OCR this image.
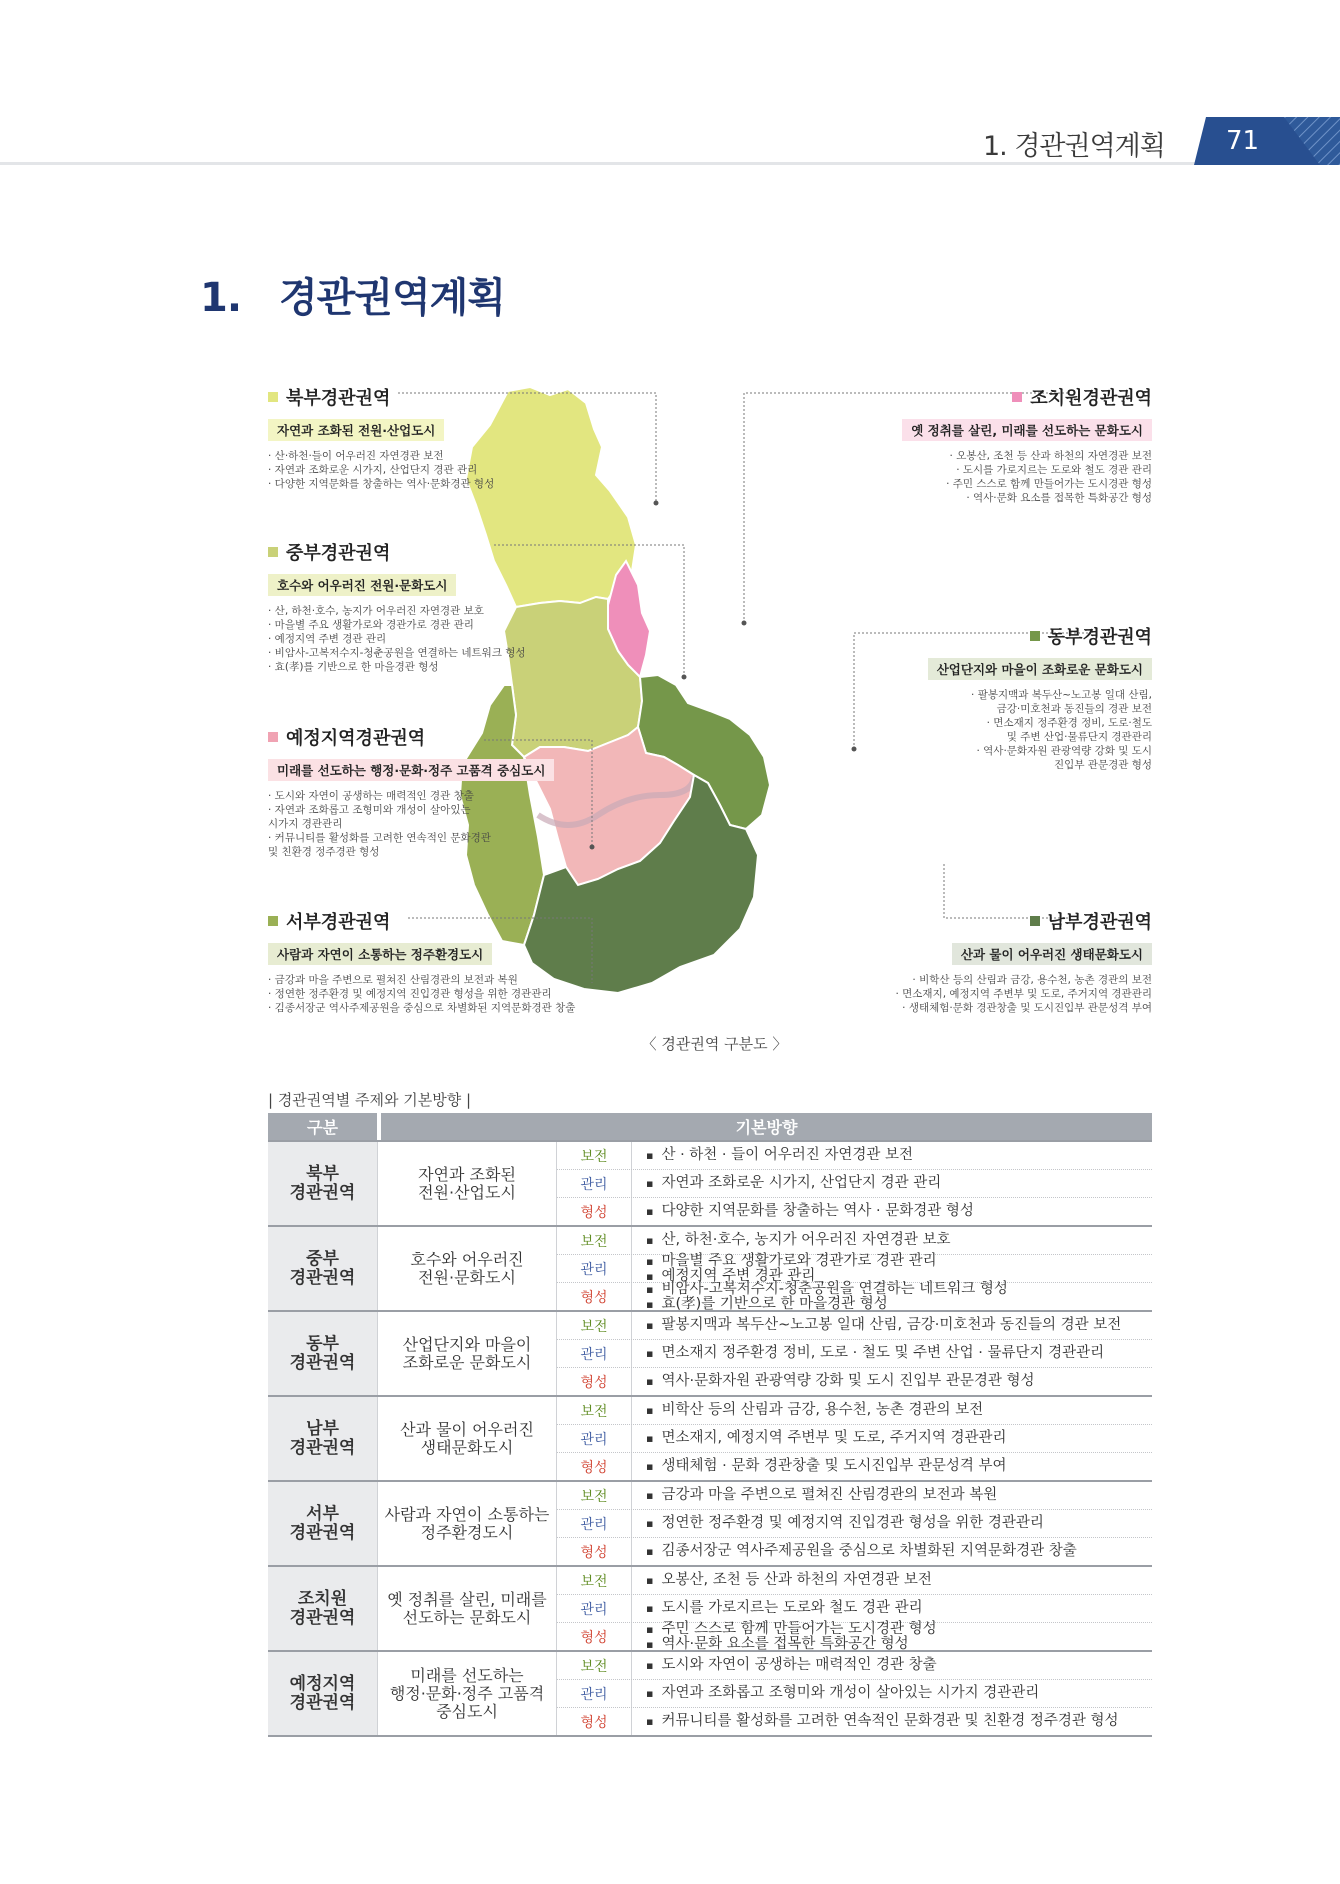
1. 경관권역계획 71
1. 경관권역계획
북부경관권역
자연과 조화된 전원·산업도시
· 산·하천·들이 어우러진 자연경관 보전
· 자연과 조화로운 시가지, 산업단지 경관 관리
· 다양한 지역문화를 창출하는 역사·문화경관 형성
중부경관권역
호수와 어우러진 전원·문화도시
· 산, 하천·호수, 농지가 어우러진 자연경관 보호
· 마을별 주요 생활가로와 경관가로 경관 관리
· 예정지역 주변 경관 관리
· 비암사-고복저수지-청춘공원을 연결하는 네트워크 형성
· 효(孝)를 기반으로 한 마을경관 형성
예정지역경관권역
미래를 선도하는 행정·문화·정주 고품격 중심도시
· 도시와 자연이 공생하는 매력적인 경관 창출
· 자연과 조화롭고 조형미와 개성이 살아있는
시가지 경관관리
· 커뮤니티를 활성화를 고려한 연속적인 문화경관
및 친환경 정주경관 형성
서부경관권역
사람과 자연이 소통하는 정주환경도시
· 금강과 마을 주변으로 펼쳐진 산림경관의 보전과 복원
· 정연한 정주환경 및 예정지역 진입경관 형성을 위한 경관관리
· 김종서장군 역사주제공원을 중심으로 차별화된 지역문화경관 창출
조치원경관권역
옛 정취를 살린, 미래를 선도하는 문화도시
· 오봉산, 조천 등 산과 하천의 자연경관 보전
· 도시를 가로지르는 도로와 철도 경관 관리
· 주민 스스로 함께 만들어가는 도시경관 형성
· 역사·문화 요소를 접목한 특화공간 형성
동부경관권역
산업단지와 마을이 조화로운 문화도시
· 팔봉지맥과 복두산~노고봉 일대 산림,
금강·미호천과 동진들의 경관 보전
· 면소재지 정주환경 정비, 도로·철도
및 주변 산업·물류단지 경관관리
· 역사·문화자원 관광역량 강화 및 도시
진입부 관문경관 형성
남부경관권역
산과 물이 어우러진 생태문화도시
· 비학산 등의 산림과 금강, 용수천, 농촌 경관의 보전
· 면소재지, 예정지역 주변부 및 도로, 주거지역 경관관리
· 생태체험·문화 경관창출 및 도시진입부 관문성격 부여
〈 경관권역 구분도 〉
| 경관권역별 주제와 기본방향 |
구분	기본방향
북부
경관권역
자연과 조화된
전원·산업도시
보전	▪ 산 · 하천 · 들이 어우러진 자연경관 보전
관리	▪ 자연과 조화로운 시가지, 산업단지 경관 관리
형성	▪ 다양한 지역문화를 창출하는 역사 · 문화경관 형성
중부
경관권역
호수와 어우러진
전원·문화도시
보전	▪ 산, 하천·호수, 농지가 어우러진 자연경관 보호
관리
▪ 마을별 주요 생활가로와 경관가로 경관 관리
▪ 예정지역 주변 경관 관리
형성
▪ 비암사-고복저수지-청춘공원을 연결하는 네트워크 형성
▪ 효(孝)를 기반으로 한 마을경관 형성
동부
경관권역
산업단지와 마을이
조화로운 문화도시
보전	▪ 팔봉지맥과 복두산~노고봉 일대 산림, 금강·미호천과 동진들의 경관 보전
관리	▪ 면소재지 정주환경 정비, 도로 · 철도 및 주변 산업 · 물류단지 경관관리
형성	▪ 역사·문화자원 관광역량 강화 및 도시 진입부 관문경관 형성
남부
경관권역
산과 물이 어우러진
생태문화도시
보전	▪ 비학산 등의 산림과 금강, 용수천, 농촌 경관의 보전
관리	▪ 면소재지, 예정지역 주변부 및 도로, 주거지역 경관관리
형성	▪ 생태체험 · 문화 경관창출 및 도시진입부 관문성격 부여
서부
경관권역
사람과 자연이 소통하는
정주환경도시
보전	▪ 금강과 마을 주변으로 펼쳐진 산림경관의 보전과 복원
관리	▪ 정연한 정주환경 및 예정지역 진입경관 형성을 위한 경관관리
형성	▪ 김종서장군 역사주제공원을 중심으로 차별화된 지역문화경관 창출
조치원
경관권역
옛 정취를 살린, 미래를
선도하는 문화도시
보전	▪ 오봉산, 조천 등 산과 하천의 자연경관 보전
관리	▪ 도시를 가로지르는 도로와 철도 경관 관리
형성
▪ 주민 스스로 함께 만들어가는 도시경관 형성
▪ 역사·문화 요소를 접목한 특화공간 형성
예정지역
경관권역
미래를 선도하는
행정·문화·정주 고품격
중심도시
보전	▪ 도시와 자연이 공생하는 매력적인 경관 창출
관리	▪ 자연과 조화롭고 조형미와 개성이 살아있는 시가지 경관관리
형성	▪ 커뮤니티를 활성화를 고려한 연속적인 문화경관 및 친환경 정주경관 형성
